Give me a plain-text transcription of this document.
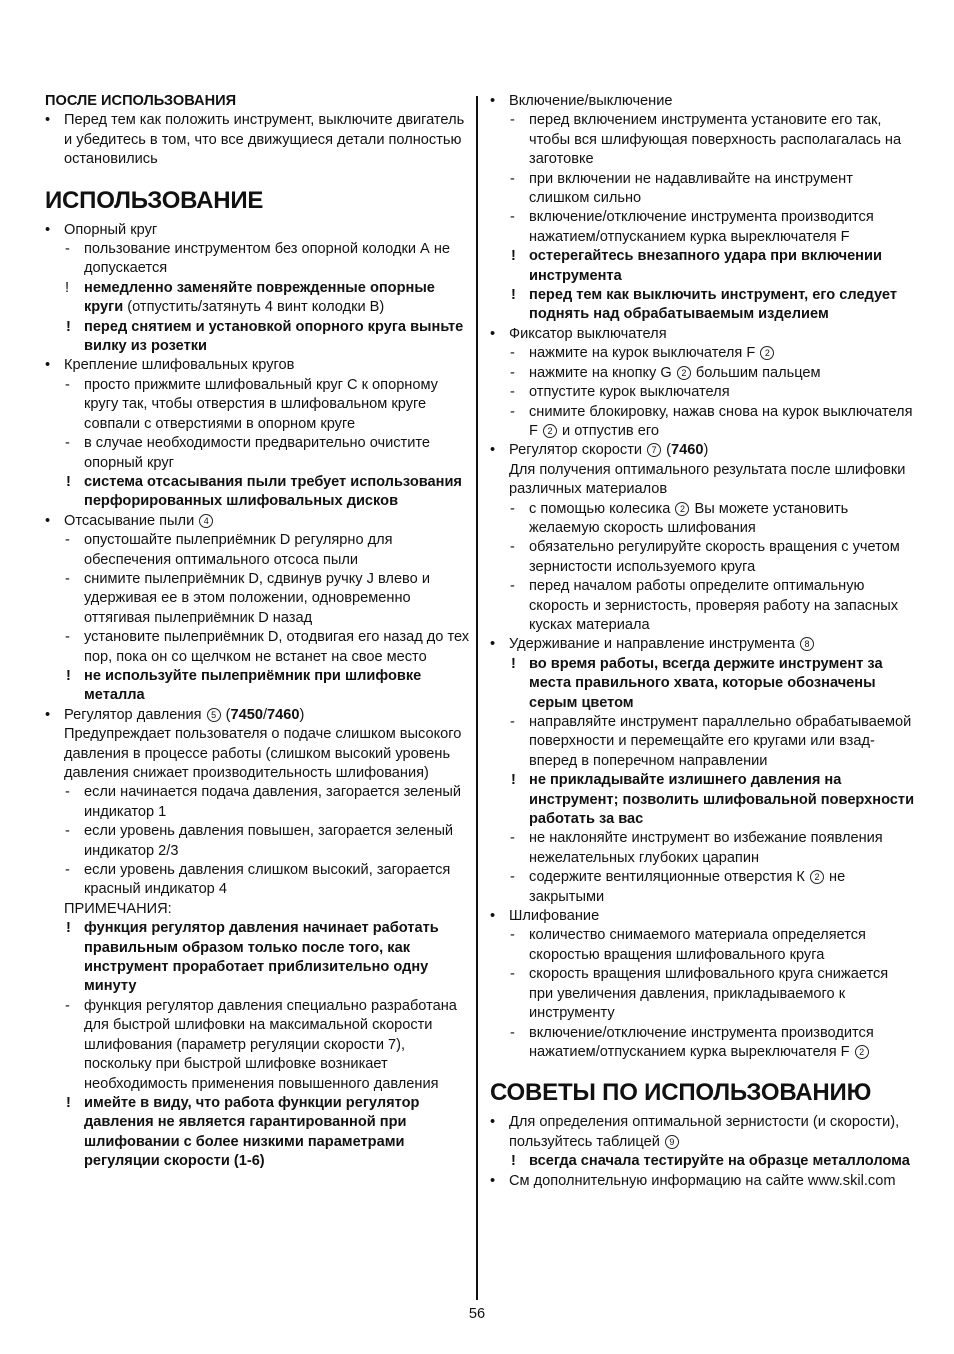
ПОСЛЕ ИСПОЛЬЗОВАНИЯ

• Перед тем как положить инструмент, выключите двигатель и убедитесь в том, что все движущиеся детали полностью остановились
ИСПОЛЬЗОВАНИЕ
• Опорный круг
- пользование инструментом без опорной колодки А не допускается
! немедленно заменяйте поврежденные опорные круги (отпустить/затянуть 4 винт колодки В)
! перед снятием и установкой опорного круга выньте вилку из розетки
• Крепление шлифовальных кругов
- просто прижмите шлифовальный круг С к опорному кругу так, чтобы отверстия в шлифовальном круге совпали с отверстиями в опорном круге
- в случае необходимости предварительно очистите опорный круг
! система отсасывания пыли требует использования перфорированных шлифовальных дисков
• Отсасывание пыли 4
- опустошайте пылеприёмник D регулярно для обеспечения оптимального отсоса пыли
- снимите пылеприёмник D, сдвинув ручку J влево и удерживая ее в этом положении, одновременно оттягивая пылеприёмник D назад
- установите пылеприёмник D, отодвигая его назад до тех пор, пока он со щелчком не встанет на свое место
! не используйте пылеприёмник при шлифовке металла
• Регулятор давления 5 (7450/7460)
Предупреждает пользователя о подаче слишком высокого давления в процессе работы (слишком высокий уровень давления снижает производительность шлифования)
- если начинается подача давления, загорается зеленый индикатор 1
- если уровень давления повышен, загорается зеленый индикатор 2/3
- если уровень давления слишком высокий, загорается красный индикатор 4
ПРИМЕЧАНИЯ:
! функция регулятор давления начинает работать правильным образом только после того, как инструмент проработает приблизительно одну минуту
- функция регулятор давления специально разработана для быстрой шлифовки на максимальной скорости шлифования (параметр регуляции скорости 7), поскольку при быстрой шлифовке возникает необходимость применения повышенного давления
! имейте в виду, что работа функции регулятор давления не является гарантированной при шлифовании с более низкими параметрами регуляции скорости (1-6)
• Включение/выключение
- перед включением инструмента установите его так, чтобы вся шлифующая поверхность располагалась на заготовке
- при включении не надавливайте на инструмент слишком сильно
- включение/отключение инструмента производится нажатием/отпусканием курка выреключателя F
! остерегайтесь внезапного удара при включении инструмента
! перед тем как выключить инструмент, его следует поднять над обрабатываемым изделием
• Фиксатор выключателя
- нажмите на курок выключателя F 2
- нажмите на кнопку G 2 большим пальцем
- отпустите курок выключателя
- снимите блокировку, нажав снова на курок выключателя F 2 и отпустив его
• Регулятор скорости 7 (7460)
Для получения оптимального результата после шлифовки различных материалов
- с помощью колесика 2 Вы можете установить желаемую скорость шлифования
- обязательно регулируйте скорость вращения с учетом зернистости используемого круга
- перед началом работы определите оптимальную скорость и зернистость, проверяя работу на запасных кусках материала
• Удерживание и направление инструмента 8
! во время работы, всегда держите инструмент за места правильного хвата, которые обозначены серым цветом
- направляйте инструмент параллельно обрабатываемой поверхности и перемещайте его кругами или взад-вперед в поперечном направлении
! не прикладывайте излишнего давления на инструмент; позволить шлифовальной поверхности работать за вас
- не наклоняйте инструмент во избежание появления нежелательных глубоких царапин
- содержите вентиляционные отверстия К 2 не закрытыми
• Шлифование
- количество снимаемого материала определяется скоростью вращения шлифовального круга
- скорость вращения шлифовального круга снижается при увеличения давления, прикладываемого к инструменту
- включение/отключение инструмента производится нажатием/отпусканием курка выреключателя F 2
СОВЕТЫ ПО ИСПОЛЬЗОВАНИЮ
• Для определения оптимальной зернистости (и скорости), пользуйтесь таблицей 9
! всегда сначала тестируйте на образце металлолома
• См дополнительную информацию на сайте www.skil.com
56
